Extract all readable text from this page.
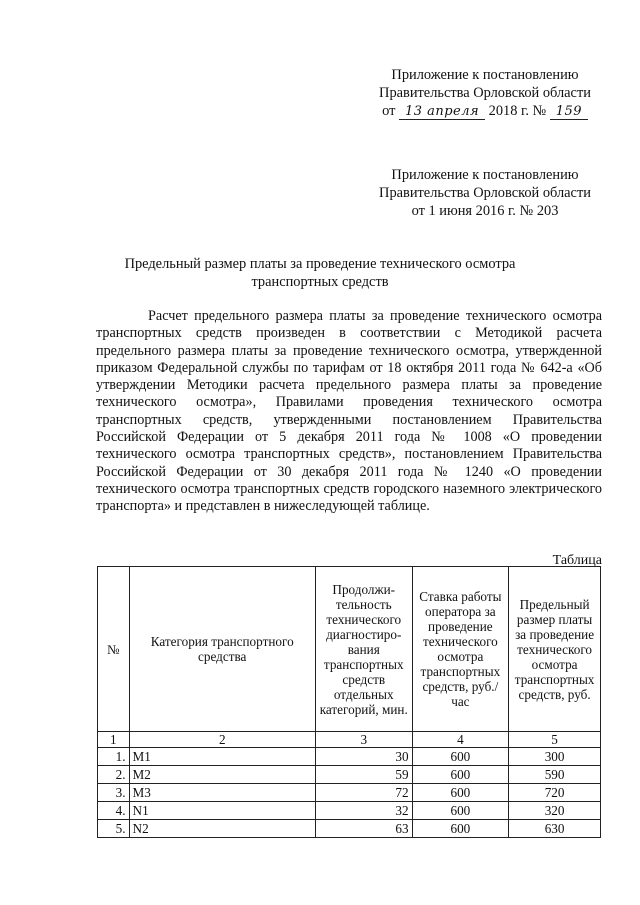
Приложение к постановлению
Правительства Орловской области
от 13 апреля 2018 г. № 159
Приложение к постановлению
Правительства Орловской области
от 1 июня 2016 г. № 203
Предельный размер платы за проведение технического осмотра
транспортных средств

Расчет предельного размера платы за проведение технического осмотра транспортных средств произведен в соответствии с Методикой расчета предельного размера платы за проведение технического осмотра, утвержденной приказом Федеральной службы по тарифам от 18 октября 2011 года № 642-а «Об утверждении Методики расчета предельного размера платы за проведение технического осмотра», Правилами проведения технического осмотра транспортных средств, утвержденными постановлением Правительства Российской Федерации от 5 декабря 2011 года № 1008 «О проведении технического осмотра транспортных средств», постановлением Правительства Российской Федерации от 30 декабря 2011 года № 1240 «О проведении технического осмотра транспортных средств городского наземного электрического транспорта» и представлен в нижеследующей таблице.

Таблица
№	Категория транспортного средства	Продолжи-тельность технического диагностиро-вания транспортных средств отдельных категорий, мин.	Ставка работы оператора за проведение технического осмотра транспортных средств, руб./час	Предельный размер платы за проведение технического осмотра транспортных средств, руб.
1	2	3	4	5
1.	M1	30	600	300
2.	M2	59	600	590
3.	M3	72	600	720
4.	N1	32	600	320
5.	N2	63	600	630
